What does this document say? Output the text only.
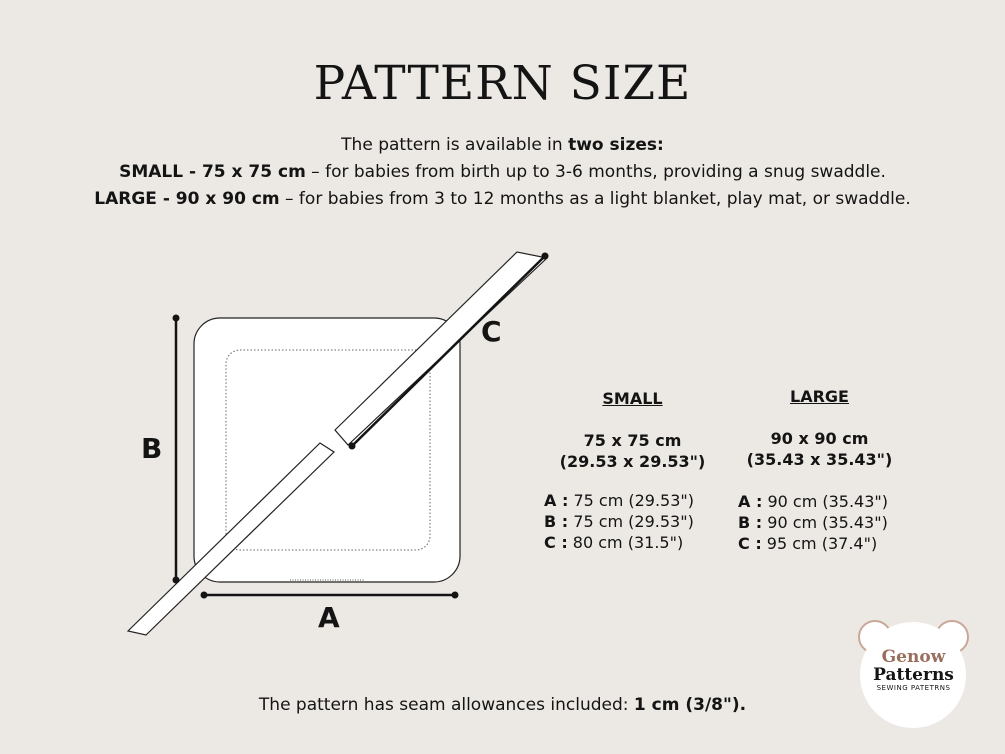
PATTERN SIZE
The pattern is available in two sizes:
SMALL - 75 x 75 cm – for babies from birth up to 3-6 months, providing a snug swaddle.
LARGE - 90 x 90 cm – for babies from 3 to 12 months as a light blanket, play mat, or swaddle.
B
A
C
SMALL
75 x 75 cm
(29.53 x 29.53")
A : 75 cm (29.53")
B : 75 cm (29.53")
C : 80 cm (31.5")
LARGE
90 x 90 cm
(35.43 x 35.43")
A : 90 cm (35.43")
B : 90 cm (35.43")
C : 95 cm (37.4")
The pattern has seam allowances included: 1 cm (3/8").
Genow
Patterns
SEWING PATETRNS
